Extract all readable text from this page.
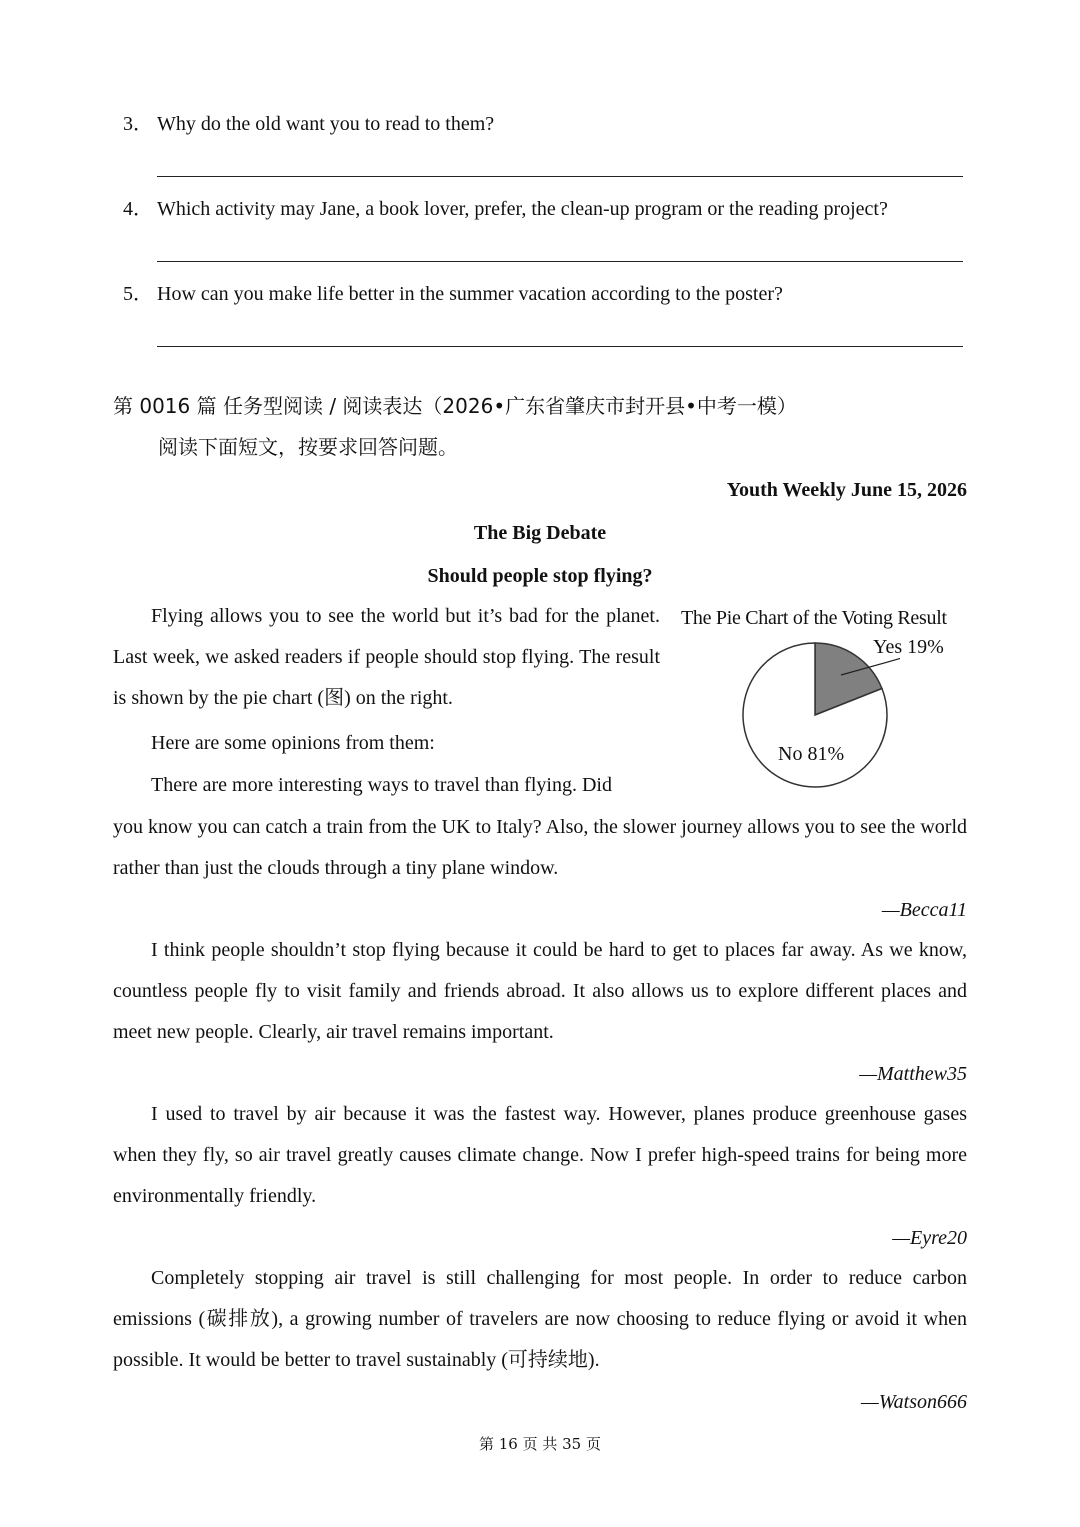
3． Why do the old want you to read to them?
4． Which activity may Jane, a book lover, prefer, the clean-up program or the reading project?
5． How can you make life better in the summer vacation according to the poster?
第 0016 篇 任务型阅读 / 阅读表达（2026•广东省肇庆市封开县•中考一模）
阅读下面短文，按要求回答问题。
Youth Weekly June 15, 2026
The Big Debate
Should people stop flying?
Flying allows you to see the world but it’s bad for the planet. Last week, we asked readers if people should stop flying. The result is shown by the pie chart (图) on the right.
Here are some opinions from them:
There are more interesting ways to travel than flying. Did
The Pie Chart of the Voting Result
Yes 19%
No 81%
you know you can catch a train from the UK to Italy? Also, the slower journey allows you to see the world rather than just the clouds through a tiny plane window.
—Becca11
I think people shouldn’t stop flying because it could be hard to get to places far away. As we know, countless people fly to visit family and friends abroad. It also allows us to explore different places and meet new people. Clearly, air travel remains important.
—Matthew35
I used to travel by air because it was the fastest way. However, planes produce greenhouse gases when they fly, so air travel greatly causes climate change. Now I prefer high-speed trains for being more environmentally friendly.
—Eyre20
Completely stopping air travel is still challenging for most people. In order to reduce carbon emissions (碳排放), a growing number of travelers are now choosing to reduce flying or avoid it when possible. It would be better to travel sustainably (可持续地).
—Watson666
第 16 页 共 35 页
